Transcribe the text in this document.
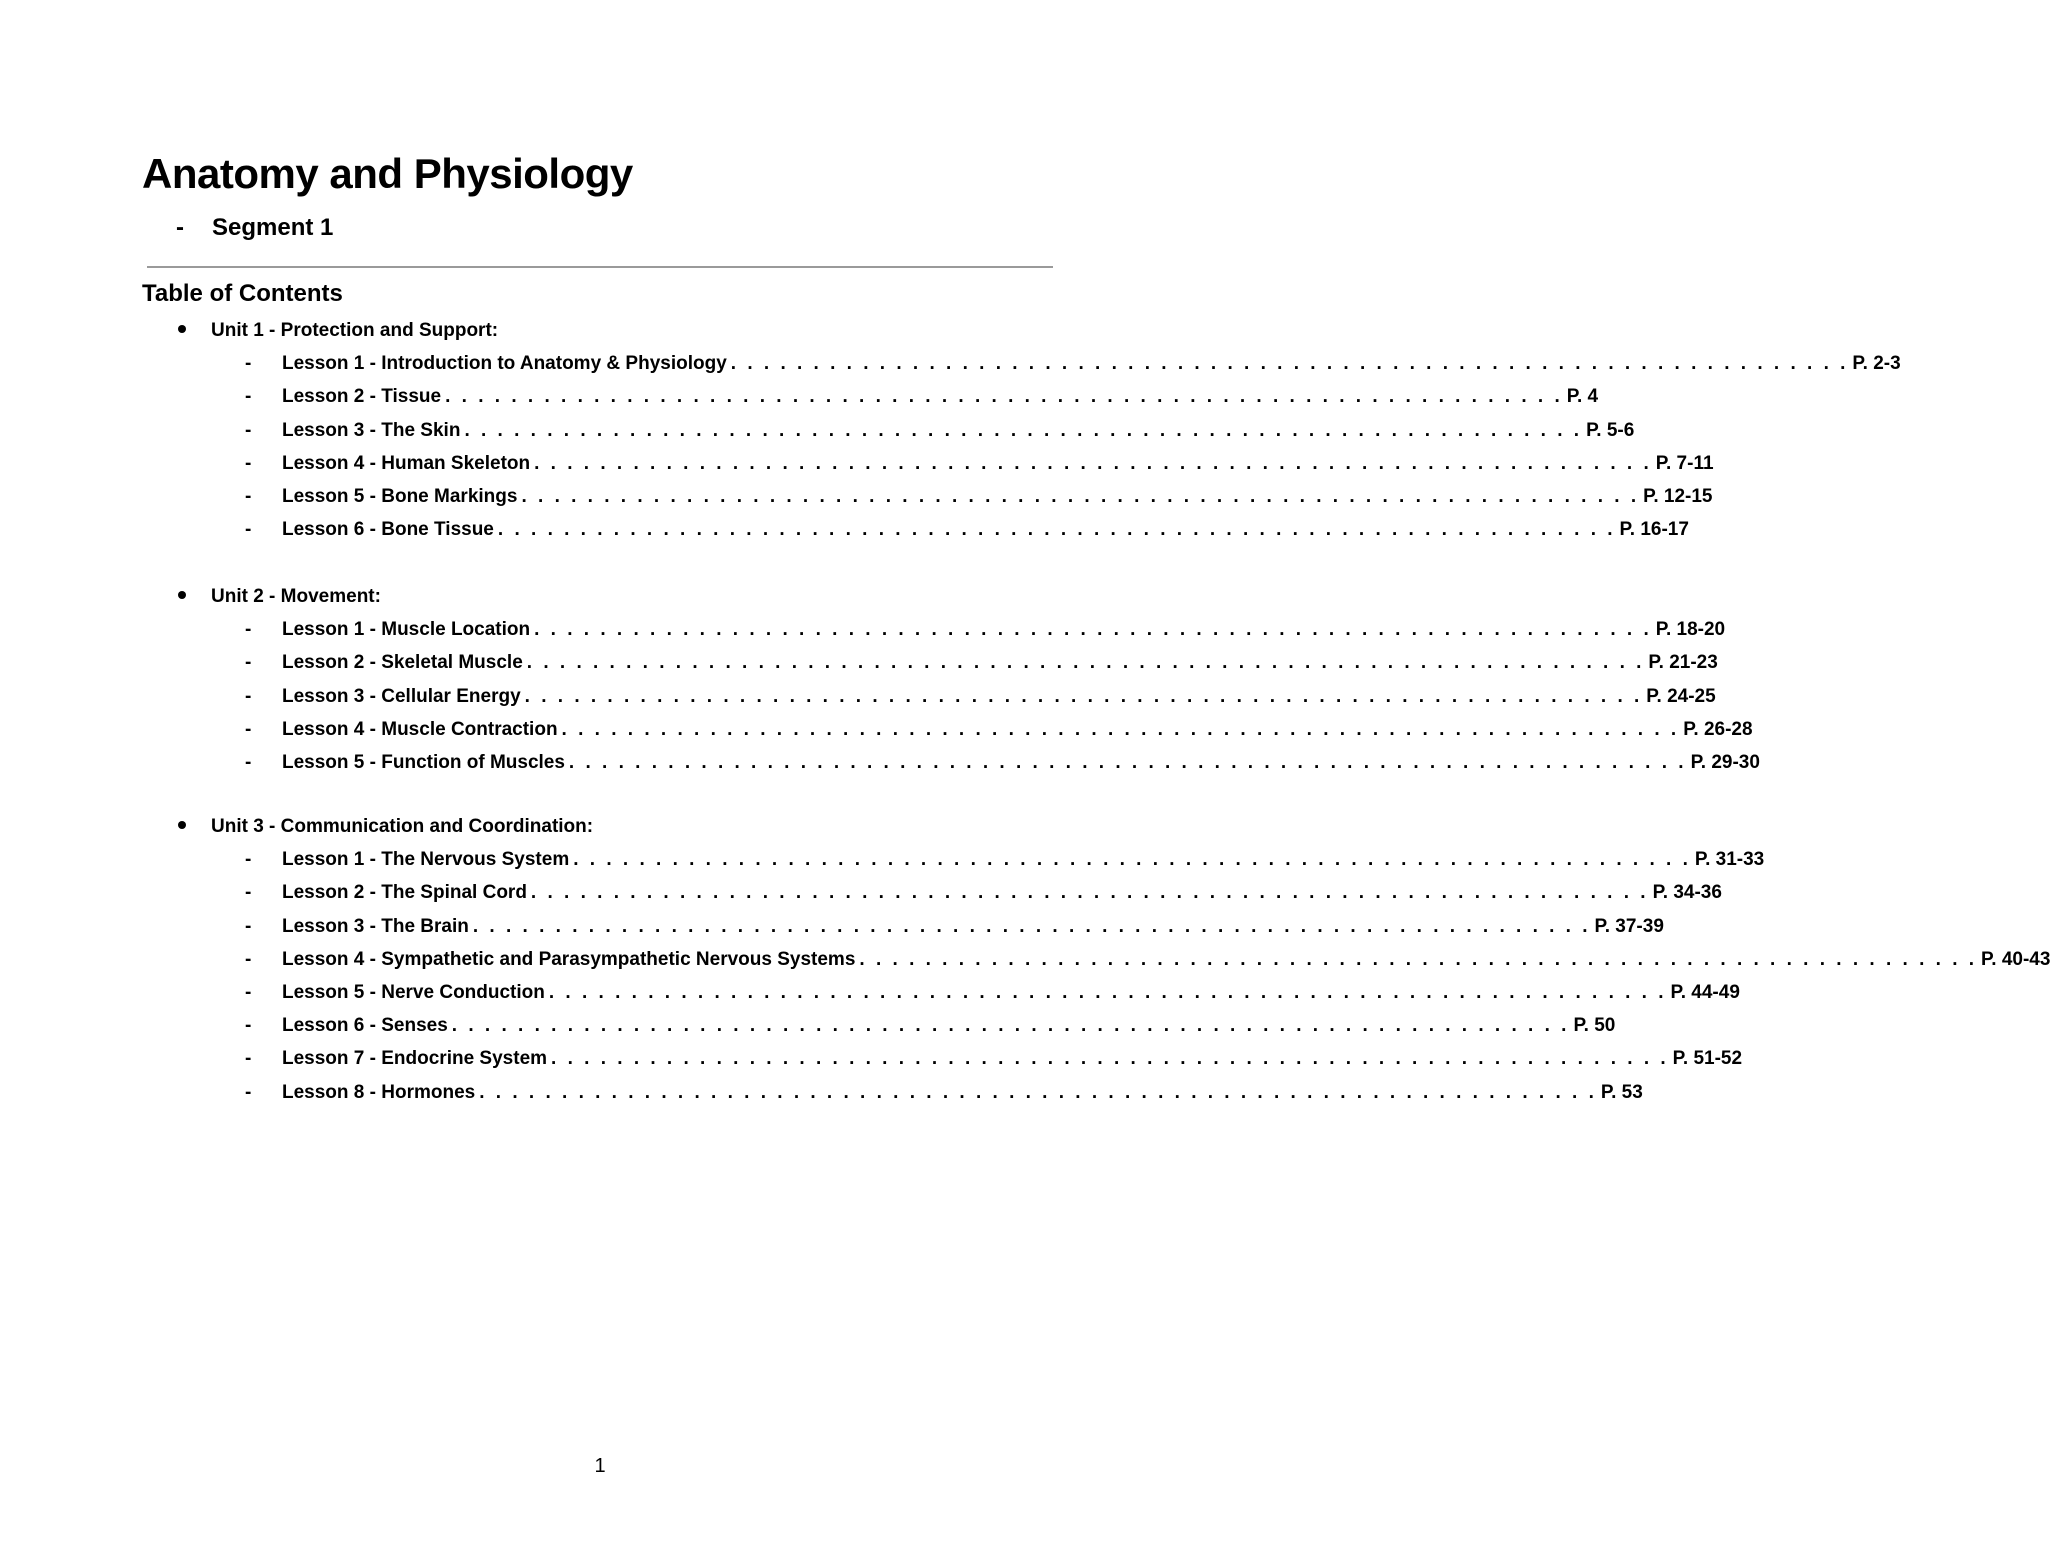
Anatomy and Physiology
- Segment 1
Table of Contents
Unit 1 - Protection and Support:
-	Lesson 1 - Introduction to Anatomy & Physiology . . . . . . . . . . . . . . . . . . . . . . . . . . . . . . . . . . . . . . . . . . . . . . . . . . . . . . . . . . . . . . . . . . . . P. 2-3
-	Lesson 2 - Tissue . . . . . . . . . . . . . . . . . . . . . . . . . . . . . . . . . . . . . . . . . . . . . . . . . . . . . . . . . . . . . . . . . . . . P. 4
-	Lesson 3 - The Skin . . . . . . . . . . . . . . . . . . . . . . . . . . . . . . . . . . . . . . . . . . . . . . . . . . . . . . . . . . . . . . . . . . . . P. 5-6
-	Lesson 4 - Human Skeleton . . . . . . . . . . . . . . . . . . . . . . . . . . . . . . . . . . . . . . . . . . . . . . . . . . . . . . . . . . . . . . . . . . . . P. 7-11
-	Lesson 5 - Bone Markings . . . . . . . . . . . . . . . . . . . . . . . . . . . . . . . . . . . . . . . . . . . . . . . . . . . . . . . . . . . . . . . . . . . . P. 12-15
-	Lesson 6 - Bone Tissue . . . . . . . . . . . . . . . . . . . . . . . . . . . . . . . . . . . . . . . . . . . . . . . . . . . . . . . . . . . . . . . . . . . . P. 16-17
Unit 2 - Movement:
-	Lesson 1 - Muscle Location . . . . . . . . . . . . . . . . . . . . . . . . . . . . . . . . . . . . . . . . . . . . . . . . . . . . . . . . . . . . . . . . . . . . P. 18-20
-	Lesson 2 - Skeletal Muscle . . . . . . . . . . . . . . . . . . . . . . . . . . . . . . . . . . . . . . . . . . . . . . . . . . . . . . . . . . . . . . . . . . . . P. 21-23
-	Lesson 3 - Cellular Energy . . . . . . . . . . . . . . . . . . . . . . . . . . . . . . . . . . . . . . . . . . . . . . . . . . . . . . . . . . . . . . . . . . . . P. 24-25
-	Lesson 4 - Muscle Contraction . . . . . . . . . . . . . . . . . . . . . . . . . . . . . . . . . . . . . . . . . . . . . . . . . . . . . . . . . . . . . . . . . . . . P. 26-28
-	Lesson 5 - Function of Muscles . . . . . . . . . . . . . . . . . . . . . . . . . . . . . . . . . . . . . . . . . . . . . . . . . . . . . . . . . . . . . . . . . . . . P. 29-30
Unit 3 - Communication and Coordination:
-	Lesson 1 - The Nervous System . . . . . . . . . . . . . . . . . . . . . . . . . . . . . . . . . . . . . . . . . . . . . . . . . . . . . . . . . . . . . . . . . . . . P. 31-33
-	Lesson 2 - The Spinal Cord . . . . . . . . . . . . . . . . . . . . . . . . . . . . . . . . . . . . . . . . . . . . . . . . . . . . . . . . . . . . . . . . . . . . P. 34-36
-	Lesson 3 - The Brain . . . . . . . . . . . . . . . . . . . . . . . . . . . . . . . . . . . . . . . . . . . . . . . . . . . . . . . . . . . . . . . . . . . . P. 37-39
-	Lesson 4 - Sympathetic and Parasympathetic Nervous Systems . . . . . . . . . . . . . . . . . . . . . . . . . . . . . . . . . . . . . . . . . . . . . . . . . . . . . . . . . . . . . . . . . . . . P. 40-43
-	Lesson 5 - Nerve Conduction . . . . . . . . . . . . . . . . . . . . . . . . . . . . . . . . . . . . . . . . . . . . . . . . . . . . . . . . . . . . . . . . . . . . P. 44-49
-	Lesson 6 - Senses . . . . . . . . . . . . . . . . . . . . . . . . . . . . . . . . . . . . . . . . . . . . . . . . . . . . . . . . . . . . . . . . . . . . P. 50
-	Lesson 7 - Endocrine System . . . . . . . . . . . . . . . . . . . . . . . . . . . . . . . . . . . . . . . . . . . . . . . . . . . . . . . . . . . . . . . . . . . . P. 51-52
-	Lesson 8 - Hormones . . . . . . . . . . . . . . . . . . . . . . . . . . . . . . . . . . . . . . . . . . . . . . . . . . . . . . . . . . . . . . . . . . . . P. 53
1
